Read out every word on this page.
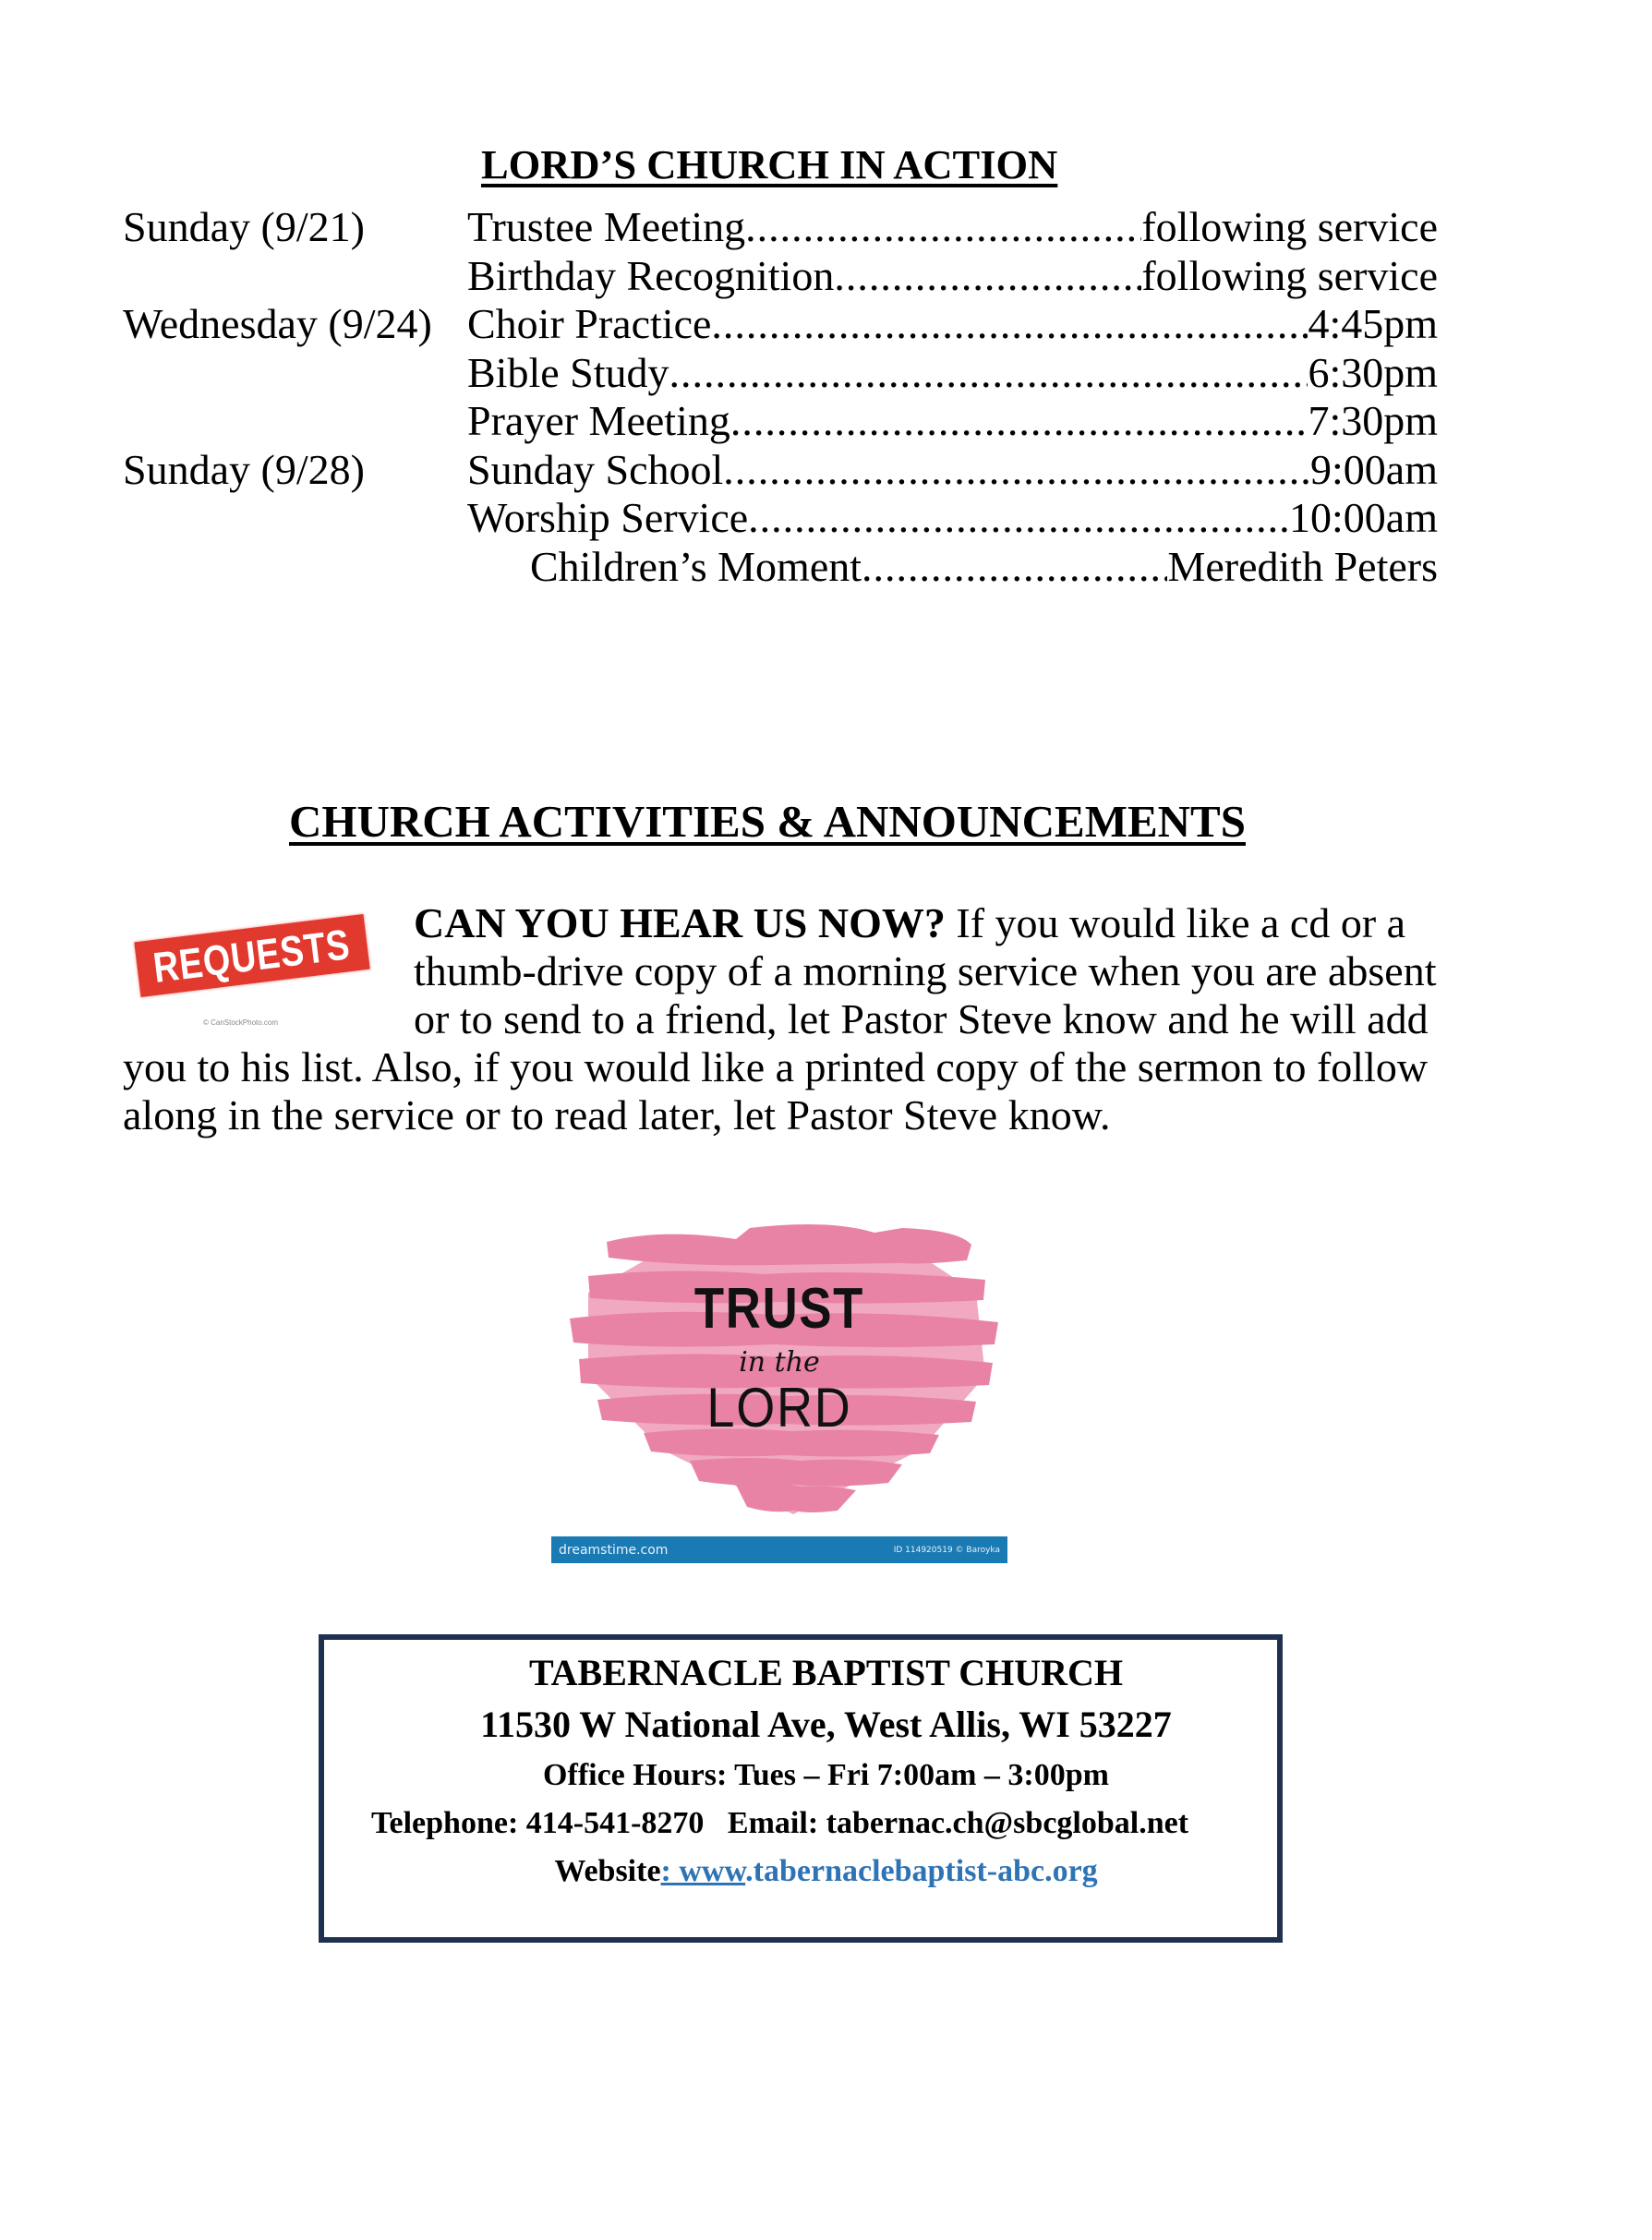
LORD’S CHURCH IN ACTION
Sunday (9/21) Trustee Meeting .....	following service
Birthday Recognition .....	following service
Wednesday (9/24) Choir Practice .....	4:45pm
Bible Study .....	6:30pm
Prayer Meeting .....	7:30pm
Sunday (9/28) Sunday School .....	9:00am
Worship Service .....	10:00am
Children’s Moment .....	Meredith Peters
CHURCH ACTIVITIES & ANNOUNCEMENTS
REQUESTS
© CanStockPhoto.com
CAN YOU HEAR US NOW? If you would like a cd or a
thumb-drive copy of a morning service when you are absent
or to send to a friend, let Pastor Steve know and he will add
you to his list. Also, if you would like a printed copy of the sermon to follow
along in the service or to read later, let Pastor Steve know.
TRUST
in the
LORD
dreamstime.com	ID 114920519 © Baroyka
TABERNACLE BAPTIST CHURCH
11530 W National Ave, West Allis, WI 53227
Office Hours: Tues – Fri 7:00am – 3:00pm
Telephone: 414-541-8270   Email: tabernac.ch@sbcglobal.net
Website: www.tabernaclebaptist-abc.org
